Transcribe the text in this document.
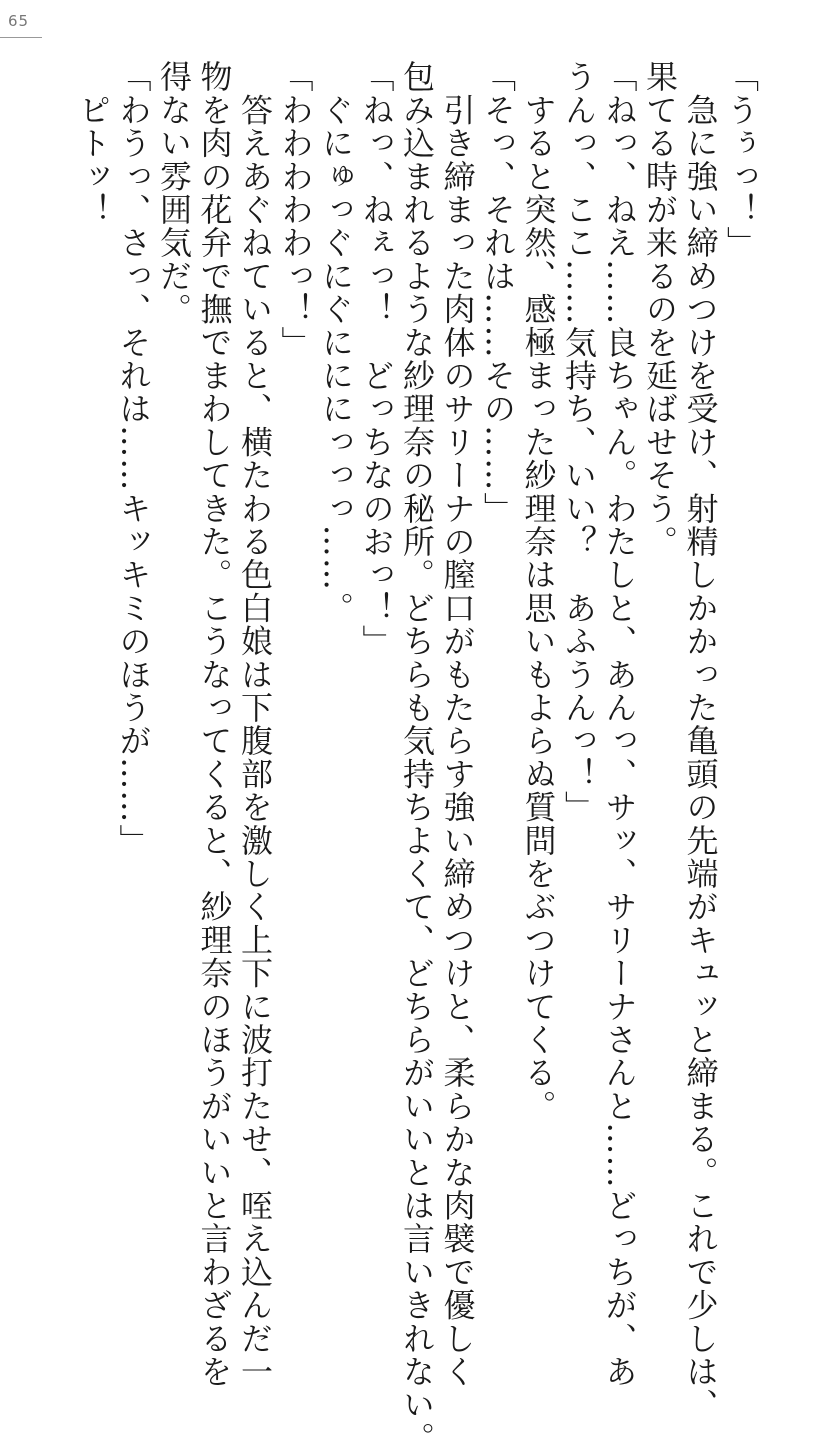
65
「うぅっ！」
　急に強い締めつけを受け、射精しかかった亀頭の先端がキュッと締まる。これで少しは、
果てる時が来るのを延ばせそう。
「ねっ、ねえ……良ちゃん。わたしと、あんっ、サッ、サリーナさんと……どっちが、あ
うんっ、ここ……気持ち、いい？　あふうんっ！」
　すると突然、感極まった紗理奈は思いもよらぬ質問をぶつけてくる。
「そっ、それは……その……」
　引き締まった肉体のサリーナの膣口がもたらす強い締めつけと、柔らかな肉襞で優しく
包み込まれるような紗理奈の秘所。どちらも気持ちよくて、どちらがいいとは言いきれない。
「ねっ、ねぇっ！　どっちなのおっ！」
　ぐにゅっぐにぐにににっっっ……。
「わわわわわっ！」
　答えあぐねていると、横たわる色白娘は下腹部を激しく上下に波打たせ、咥え込んだ一
物を肉の花弁で撫でまわしてきた。こうなってくると、紗理奈のほうがいいと言わざるを
得ない雰囲気だ。
「わうっ、さっ、それは……キッキミのほうが……」
　ピトッ！
